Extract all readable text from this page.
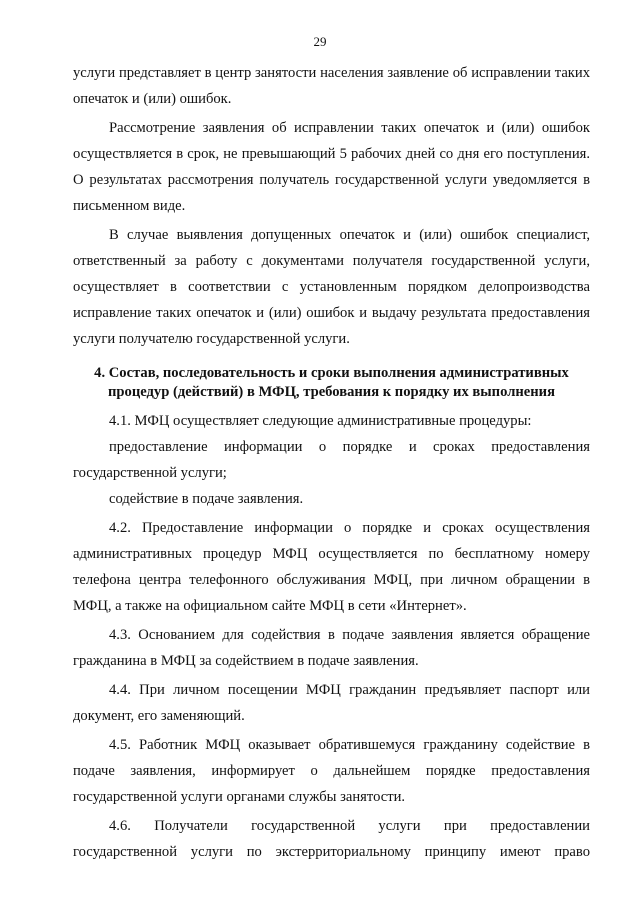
29

услуги представляет в центр занятости населения заявление об исправлении таких опечаток и (или) ошибок.

Рассмотрение заявления об исправлении таких опечаток и (или) ошибок осуществляется в срок, не превышающий 5 рабочих дней со дня его поступления. О результатах рассмотрения получатель государственной услуги уведомляется в письменном виде.

В случае выявления допущенных опечаток и (или) ошибок специалист, ответственный за работу с документами получателя государственной услуги, осуществляет в соответствии с установленным порядком делопроизводства исправление таких опечаток и (или) ошибок и выдачу результата предоставления услуги получателю государственной услуги.

4. Состав, последовательность и сроки выполнения административных процедур (действий) в МФЦ, требования к порядку их выполнения

4.1. МФЦ осуществляет следующие административные процедуры:

предоставление информации о порядке и сроках предоставления государственной услуги;

содействие в подаче заявления.

4.2. Предоставление информации о порядке и сроках осуществления административных процедур МФЦ осуществляется по бесплатному номеру телефона центра телефонного обслуживания МФЦ, при личном обращении в МФЦ, а также на официальном сайте МФЦ в сети «Интернет».

4.3. Основанием для содействия в подаче заявления является обращение гражданина в МФЦ за содействием в подаче заявления.

4.4. При личном посещении МФЦ гражданин предъявляет паспорт или документ, его заменяющий.

4.5. Работник МФЦ оказывает обратившемуся гражданину содействие в подаче заявления, информирует о дальнейшем порядке предоставления государственной услуги органами службы занятости.

4.6. Получатели государственной услуги при предоставлении государственной услуги по экстерриториальному принципу имеют право
